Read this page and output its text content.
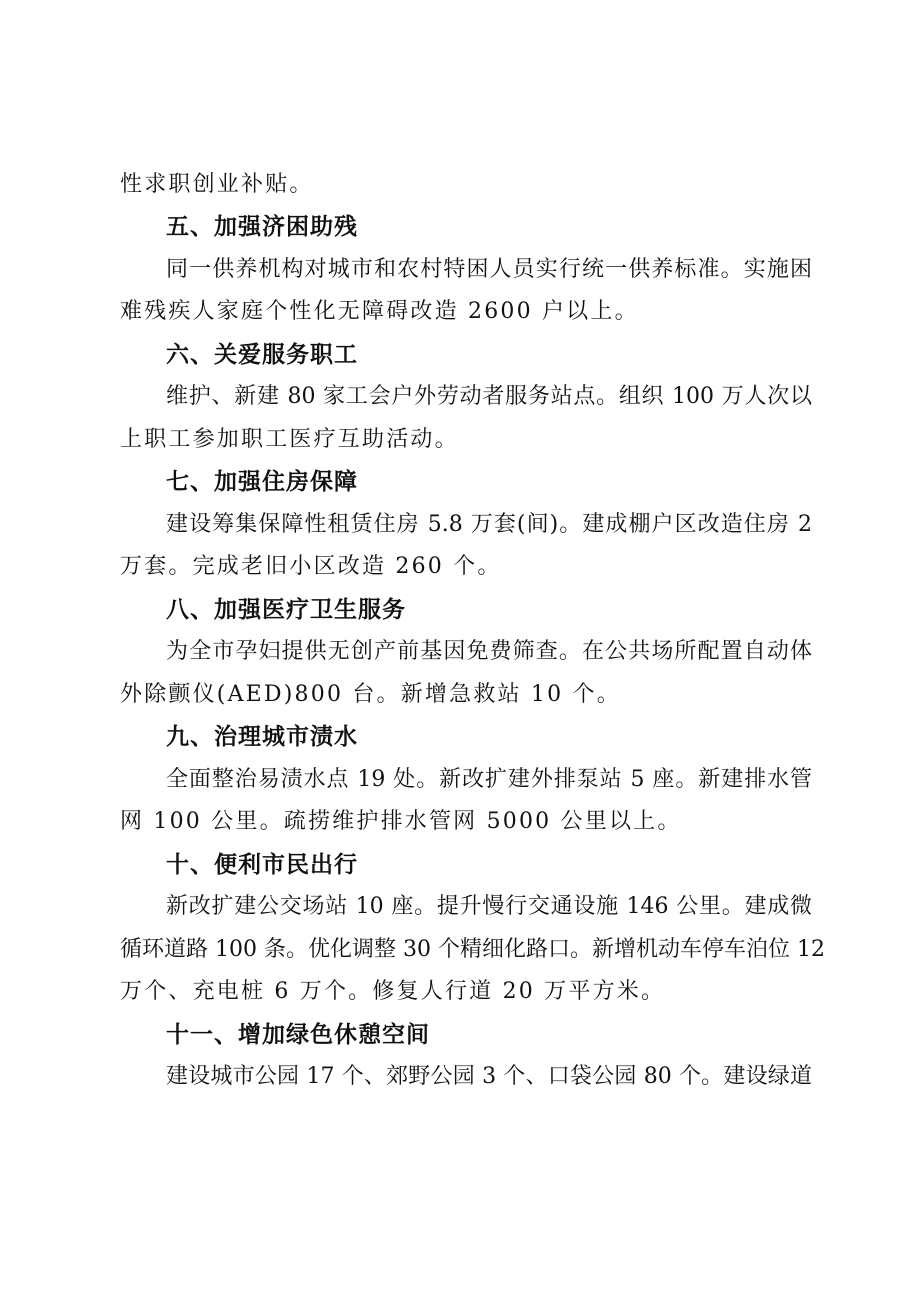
性求职创业补贴。
五、加强济困助残
同一供养机构对城市和农村特困人员实行统一供养标准。实施困
难残疾人家庭个性化无障碍改造 2600 户以上。
六、关爱服务职工
维护、新建 80 家工会户外劳动者服务站点。组织 100 万人次以
上职工参加职工医疗互助活动。
七、加强住房保障
建设筹集保障性租赁住房 5.8 万套(间)。建成棚户区改造住房 2
万套。完成老旧小区改造 260 个。
八、加强医疗卫生服务
为全市孕妇提供无创产前基因免费筛查。在公共场所配置自动体
外除颤仪(AED)800 台。新增急救站 10 个。
九、治理城市渍水
全面整治易渍水点 19 处。新改扩建外排泵站 5 座。新建排水管
网 100 公里。疏捞维护排水管网 5000 公里以上。
十、便利市民出行
新改扩建公交场站 10 座。提升慢行交通设施 146 公里。建成微
循环道路 100 条。优化调整 30 个精细化路口。新增机动车停车泊位 12
万个、充电桩 6 万个。修复人行道 20 万平方米。
十一、增加绿色休憩空间
建设城市公园 17 个、郊野公园 3 个、口袋公园 80 个。建设绿道
